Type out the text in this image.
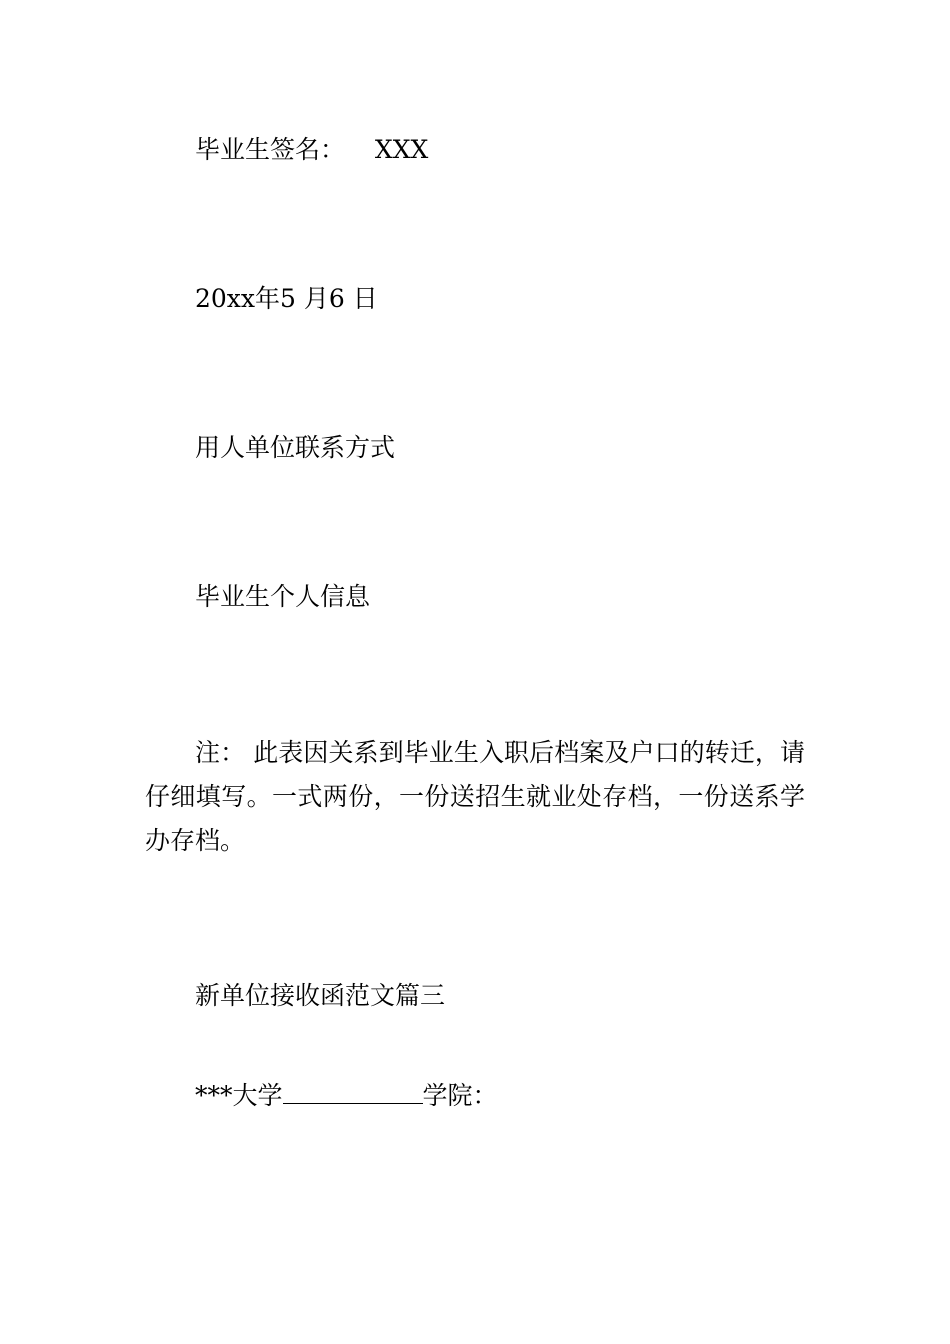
毕业生签名： XXX
20xx年5 月6 日
用人单位联系方式
毕业生个人信息
注： 此表因关系到毕业生入职后档案及户口的转迁，请仔细填写。一式两份，一份送招生就业处存档，一份送系学办存档。
新单位接收函范文篇三
***大学	学院：
